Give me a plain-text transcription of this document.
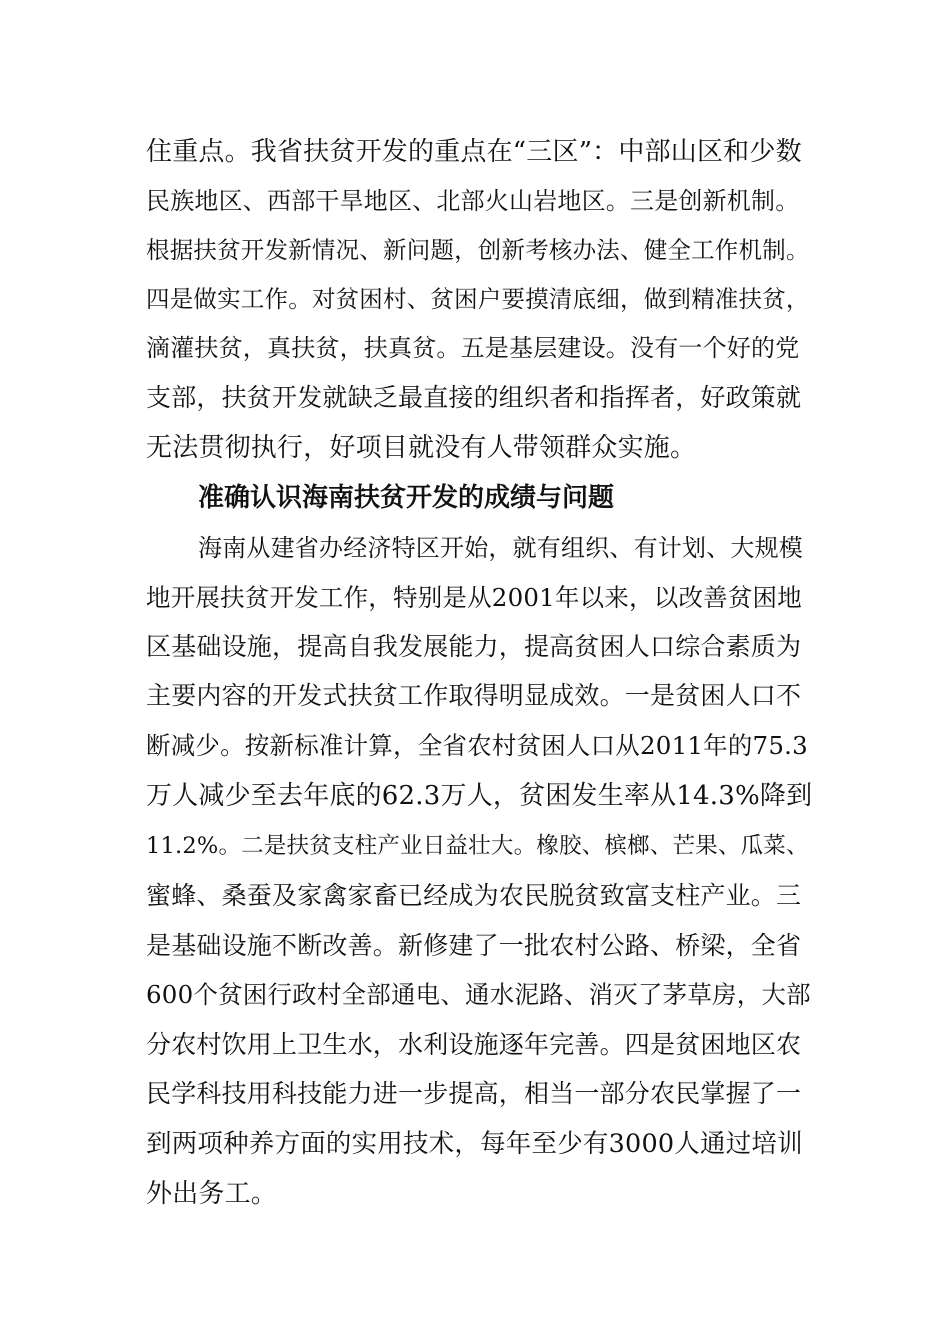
住重点。我省扶贫开发的重点在“三区”：中部山区和少数
民族地区、西部干旱地区、北部火山岩地区。三是创新机制。
根据扶贫开发新情况、新问题，创新考核办法、健全工作机制。
四是做实工作。对贫困村、贫困户要摸清底细，做到精准扶贫，
滴灌扶贫，真扶贫，扶真贫。五是基层建设。没有一个好的党
支部，扶贫开发就缺乏最直接的组织者和指挥者，好政策就
无法贯彻执行，好项目就没有人带领群众实施。
准确认识海南扶贫开发的成绩与问题
海南从建省办经济特区开始，就有组织、有计划、大规模
地开展扶贫开发工作，特别是从2001年以来，以改善贫困地
区基础设施，提高自我发展能力，提高贫困人口综合素质为
主要内容的开发式扶贫工作取得明显成效。一是贫困人口不
断减少。按新标准计算，全省农村贫困人口从2011年的75.3
万人减少至去年底的62.3万人，贫困发生率从14.3%降到
11.2%。二是扶贫支柱产业日益壮大。橡胶、槟榔、芒果、瓜菜、
蜜蜂、桑蚕及家禽家畜已经成为农民脱贫致富支柱产业。三
是基础设施不断改善。新修建了一批农村公路、桥梁，全省
600个贫困行政村全部通电、通水泥路、消灭了茅草房，大部
分农村饮用上卫生水，水利设施逐年完善。四是贫困地区农
民学科技用科技能力进一步提高，相当一部分农民掌握了一
到两项种养方面的实用技术，每年至少有3000人通过培训
外出务工。
